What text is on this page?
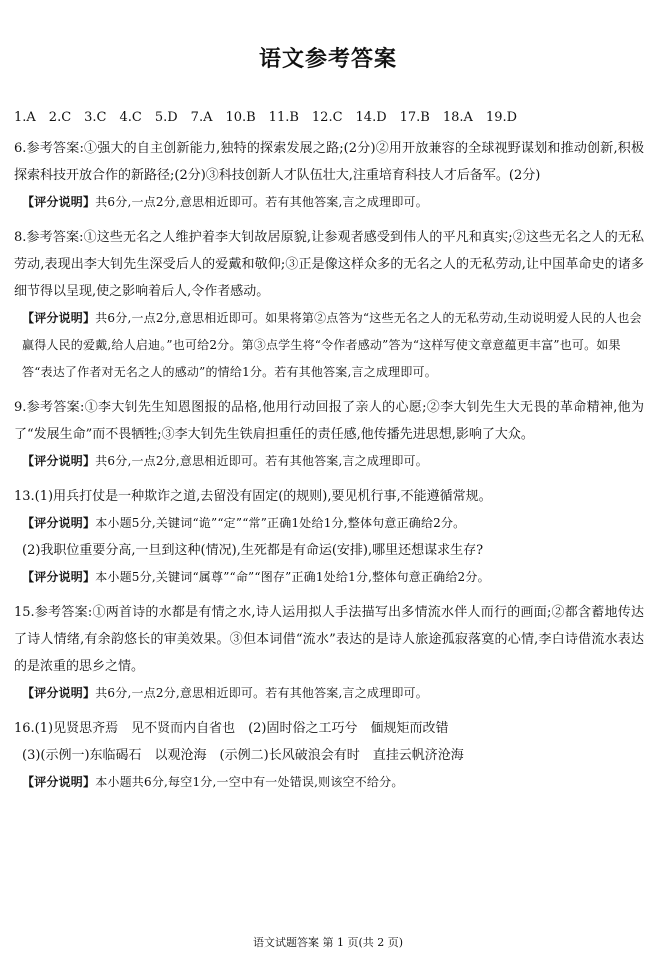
语文参考答案

1.A　2.C　3.C　4.C　5.D　7.A　10.B　11.B　12.C　14.D　17.B　18.A　19.D

6.参考答案:①强大的自主创新能力,独特的探索发展之路;(2分)②用开放兼容的全球视野谋划和推动创新,积极探索科技开放合作的新路径;(2分)③科技创新人才队伍壮大,注重培育科技人才后备军。(2分)

【评分说明】共6分,一点2分,意思相近即可。若有其他答案,言之成理即可。

8.参考答案:①这些无名之人维护着李大钊故居原貌,让参观者感受到伟人的平凡和真实;②这些无名之人的无私劳动,表现出李大钊先生深受后人的爱戴和敬仰;③正是像这样众多的无名之人的无私劳动,让中国革命史的诸多细节得以呈现,使之影响着后人,令作者感动。

【评分说明】共6分,一点2分,意思相近即可。如果将第②点答为“这些无名之人的无私劳动,生动说明爱人民的人也会赢得人民的爱戴,给人启迪。”也可给2分。第③点学生将“令作者感动”答为“这样写使文章意蕴更丰富”也可。如果答“表达了作者对无名之人的感动”的情给1分。若有其他答案,言之成理即可。

9.参考答案:①李大钊先生知恩图报的品格,他用行动回报了亲人的心愿;②李大钊先生大无畏的革命精神,他为了“发展生命”而不畏牺牲;③李大钊先生铁肩担重任的责任感,他传播先进思想,影响了大众。

【评分说明】共6分,一点2分,意思相近即可。若有其他答案,言之成理即可。

13.(1)用兵打仗是一种欺诈之道,去留没有固定(的规则),要见机行事,不能遵循常规。

【评分说明】本小题5分,关键词“诡”“定”“常”正确1处给1分,整体句意正确给2分。

(2)我职位重要分高,一旦到这种(情况),生死都是有命运(安排),哪里还想谋求生存?

【评分说明】本小题5分,关键词“属尊”“命”“图存”正确1处给1分,整体句意正确给2分。

15.参考答案:①两首诗的水都是有情之水,诗人运用拟人手法描写出多情流水伴人而行的画面;②都含蓄地传达了诗人情绪,有余韵悠长的审美效果。③但本词借“流水”表达的是诗人旅途孤寂落寞的心情,李白诗借流水表达的是浓重的思乡之情。

【评分说明】共6分,一点2分,意思相近即可。若有其他答案,言之成理即可。

16.(1)见贤思齐焉　见不贤而内自省也　(2)固时俗之工巧兮　偭规矩而改错

(3)(示例一)东临碣石　以观沧海　(示例二)长风破浪会有时　直挂云帆济沧海

【评分说明】本小题共6分,每空1分,一空中有一处错误,则该空不给分。

语文试题答案 第 1 页(共 2 页)
